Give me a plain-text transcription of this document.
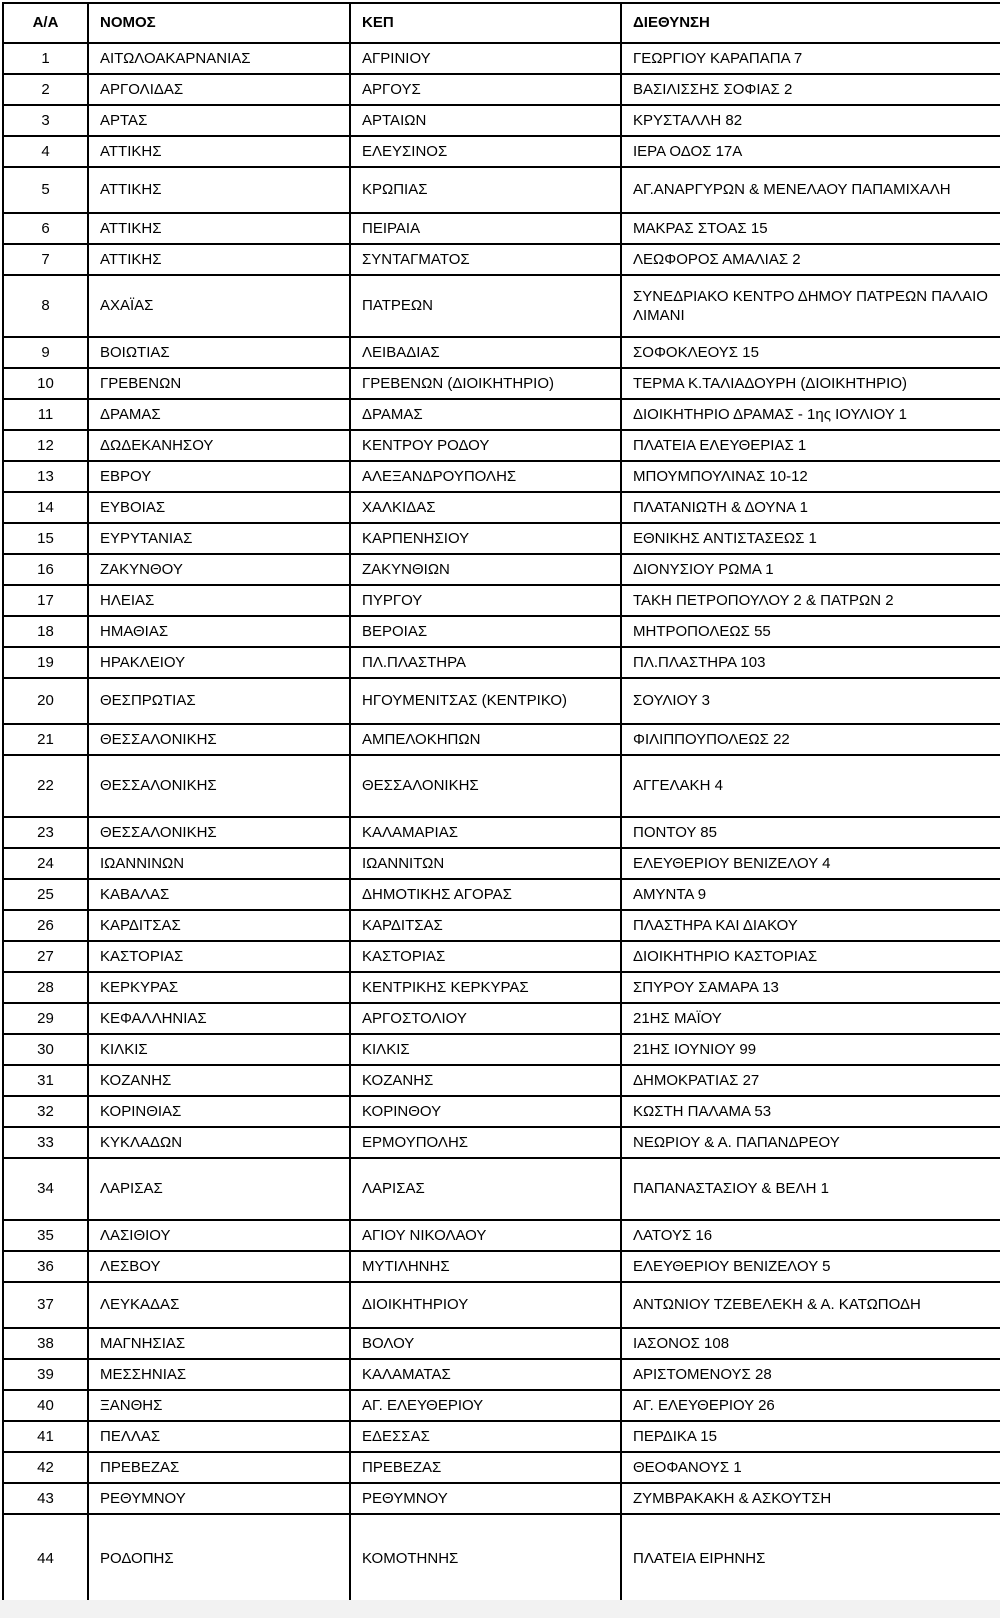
Α/Α	ΝΟΜΟΣ	ΚΕΠ	ΔΙΕΘΥΝΣΗ
1	ΑΙΤΩΛΟΑΚΑΡΝΑΝΙΑΣ	ΑΓΡΙΝΙΟΥ	ΓΕΩΡΓΙΟΥ ΚΑΡΑΠΑΠΑ 7
2	ΑΡΓΟΛΙΔΑΣ	ΑΡΓΟΥΣ	ΒΑΣΙΛΙΣΣΗΣ ΣΟΦΙΑΣ 2
3	ΑΡΤΑΣ	ΑΡΤΑΙΩΝ	ΚΡΥΣΤΑΛΛΗ 82
4	ΑΤΤΙΚΗΣ	ΕΛΕΥΣΙΝΟΣ	ΙΕΡΑ ΟΔΟΣ 17Α
5	ΑΤΤΙΚΗΣ	ΚΡΩΠΙΑΣ	ΑΓ.ΑΝΑΡΓΥΡΩΝ & ΜΕΝΕΛΑΟΥ ΠΑΠΑΜΙΧΑΛΗ
6	ΑΤΤΙΚΗΣ	ΠΕΙΡΑΙΑ	ΜΑΚΡΑΣ ΣΤΟΑΣ 15
7	ΑΤΤΙΚΗΣ	ΣΥΝΤΑΓΜΑΤΟΣ	ΛΕΩΦΟΡΟΣ ΑΜΑΛΙΑΣ 2
8	ΑΧΑΪΑΣ	ΠΑΤΡΕΩΝ	ΣΥΝΕΔΡΙΑΚΟ ΚΕΝΤΡΟ ΔΗΜΟΥ ΠΑΤΡΕΩΝ ΠΑΛΑΙΟ ΛΙΜΑΝΙ
9	ΒΟΙΩΤΙΑΣ	ΛΕΙΒΑΔΙΑΣ	ΣΟΦΟΚΛΕΟΥΣ 15
10	ΓΡΕΒΕΝΩΝ	ΓΡΕΒΕΝΩΝ (ΔΙΟΙΚΗΤΗΡΙΟ)	ΤΕΡΜΑ Κ.ΤΑΛΙΑΔΟΥΡΗ (ΔΙΟΙΚΗΤΗΡΙΟ)
11	ΔΡΑΜΑΣ	ΔΡΑΜΑΣ	ΔΙΟΙΚΗΤΗΡΙΟ ΔΡΑΜΑΣ - 1ης ΙΟΥΛΙΟΥ 1
12	ΔΩΔΕΚΑΝΗΣΟΥ	ΚΕΝΤΡΟΥ ΡΟΔΟΥ	ΠΛΑΤΕΙΑ ΕΛΕΥΘΕΡΙΑΣ 1
13	ΕΒΡΟΥ	ΑΛΕΞΑΝΔΡΟΥΠΟΛΗΣ	ΜΠΟΥΜΠΟΥΛΙΝΑΣ 10-12
14	ΕΥΒΟΙΑΣ	ΧΑΛΚΙΔΑΣ	ΠΛΑΤΑΝΙΩΤΗ & ΔΟΥΝΑ 1
15	ΕΥΡΥΤΑΝΙΑΣ	ΚΑΡΠΕΝΗΣΙΟΥ	ΕΘΝΙΚΗΣ ΑΝΤΙΣΤΑΣΕΩΣ 1
16	ΖΑΚΥΝΘΟΥ	ΖΑΚΥΝΘΙΩΝ	ΔΙΟΝΥΣΙΟΥ ΡΩΜΑ 1
17	ΗΛΕΙΑΣ	ΠΥΡΓΟΥ	ΤΑΚΗ ΠΕΤΡΟΠΟΥΛΟΥ 2 & ΠΑΤΡΩΝ 2
18	ΗΜΑΘΙΑΣ	ΒΕΡΟΙΑΣ	ΜΗΤΡΟΠΟΛΕΩΣ 55
19	ΗΡΑΚΛΕΙΟΥ	ΠΛ.ΠΛΑΣΤΗΡΑ	ΠΛ.ΠΛΑΣΤΗΡΑ 103
20	ΘΕΣΠΡΩΤΙΑΣ	ΗΓΟΥΜΕΝΙΤΣΑΣ (ΚΕΝΤΡΙΚΟ)	ΣΟΥΛΙΟΥ 3
21	ΘΕΣΣΑΛΟΝΙΚΗΣ	ΑΜΠΕΛΟΚΗΠΩΝ	ΦΙΛΙΠΠΟΥΠΟΛΕΩΣ 22
22	ΘΕΣΣΑΛΟΝΙΚΗΣ	ΘΕΣΣΑΛΟΝΙΚΗΣ	ΑΓΓΕΛΑΚΗ 4
23	ΘΕΣΣΑΛΟΝΙΚΗΣ	ΚΑΛΑΜΑΡΙΑΣ	ΠΟΝΤΟΥ 85
24	ΙΩΑΝΝΙΝΩΝ	ΙΩΑΝΝΙΤΩΝ	ΕΛΕΥΘΕΡΙΟΥ ΒΕΝΙΖΕΛΟΥ 4
25	ΚΑΒΑΛΑΣ	ΔΗΜΟΤΙΚΗΣ ΑΓΟΡΑΣ	ΑΜΥΝΤΑ 9
26	ΚΑΡΔΙΤΣΑΣ	ΚΑΡΔΙΤΣΑΣ	ΠΛΑΣΤΗΡΑ ΚΑΙ ΔΙΑΚΟΥ
27	ΚΑΣΤΟΡΙΑΣ	ΚΑΣΤΟΡΙΑΣ	ΔΙΟΙΚΗΤΗΡΙΟ ΚΑΣΤΟΡΙΑΣ
28	ΚΕΡΚΥΡΑΣ	ΚΕΝΤΡΙΚΗΣ ΚΕΡΚΥΡΑΣ	ΣΠΥΡΟΥ ΣΑΜΑΡΑ 13
29	ΚΕΦΑΛΛΗΝΙΑΣ	ΑΡΓΟΣΤΟΛΙΟΥ	21ΗΣ ΜΑΪΟΥ
30	ΚΙΛΚΙΣ	ΚΙΛΚΙΣ	21ΗΣ ΙΟΥΝΙΟΥ 99
31	ΚΟΖΑΝΗΣ	ΚΟΖΑΝΗΣ	ΔΗΜΟΚΡΑΤΙΑΣ 27
32	ΚΟΡΙΝΘΙΑΣ	ΚΟΡΙΝΘΟΥ	ΚΩΣΤΗ ΠΑΛΑΜΑ 53
33	ΚΥΚΛΑΔΩΝ	ΕΡΜΟΥΠΟΛΗΣ	ΝΕΩΡΙΟΥ & Α. ΠΑΠΑΝΔΡΕΟΥ
34	ΛΑΡΙΣΑΣ	ΛΑΡΙΣΑΣ	ΠΑΠΑΝΑΣΤΑΣΙΟΥ & ΒΕΛΗ 1
35	ΛΑΣΙΘΙΟΥ	ΑΓΙΟΥ ΝΙΚΟΛΑΟΥ	ΛΑΤΟΥΣ 16
36	ΛΕΣΒΟΥ	ΜΥΤΙΛΗΝΗΣ	ΕΛΕΥΘΕΡΙΟΥ ΒΕΝΙΖΕΛΟΥ 5
37	ΛΕΥΚΑΔΑΣ	ΔΙΟΙΚΗΤΗΡΙΟΥ	ΑΝΤΩΝΙΟΥ ΤΖΕΒΕΛΕΚΗ & Α. ΚΑΤΩΠΟΔΗ
38	ΜΑΓΝΗΣΙΑΣ	ΒΟΛΟΥ	ΙΑΣΟΝΟΣ 108
39	ΜΕΣΣΗΝΙΑΣ	ΚΑΛΑΜΑΤΑΣ	ΑΡΙΣΤΟΜΕΝΟΥΣ 28
40	ΞΑΝΘΗΣ	ΑΓ. ΕΛΕΥΘΕΡΙΟΥ	ΑΓ. ΕΛΕΥΘΕΡΙΟΥ 26
41	ΠΕΛΛΑΣ	ΕΔΕΣΣΑΣ	ΠΕΡΔΙΚΑ 15
42	ΠΡΕΒΕΖΑΣ	ΠΡΕΒΕΖΑΣ	ΘΕΟΦΑΝΟΥΣ 1
43	ΡΕΘΥΜΝΟΥ	ΡΕΘΥΜΝΟΥ	ΖΥΜΒΡΑΚΑΚΗ & ΑΣΚΟΥΤΣΗ
44	ΡΟΔΟΠΗΣ	ΚΟΜΟΤΗΝΗΣ	ΠΛΑΤΕΙΑ ΕΙΡΗΝΗΣ
